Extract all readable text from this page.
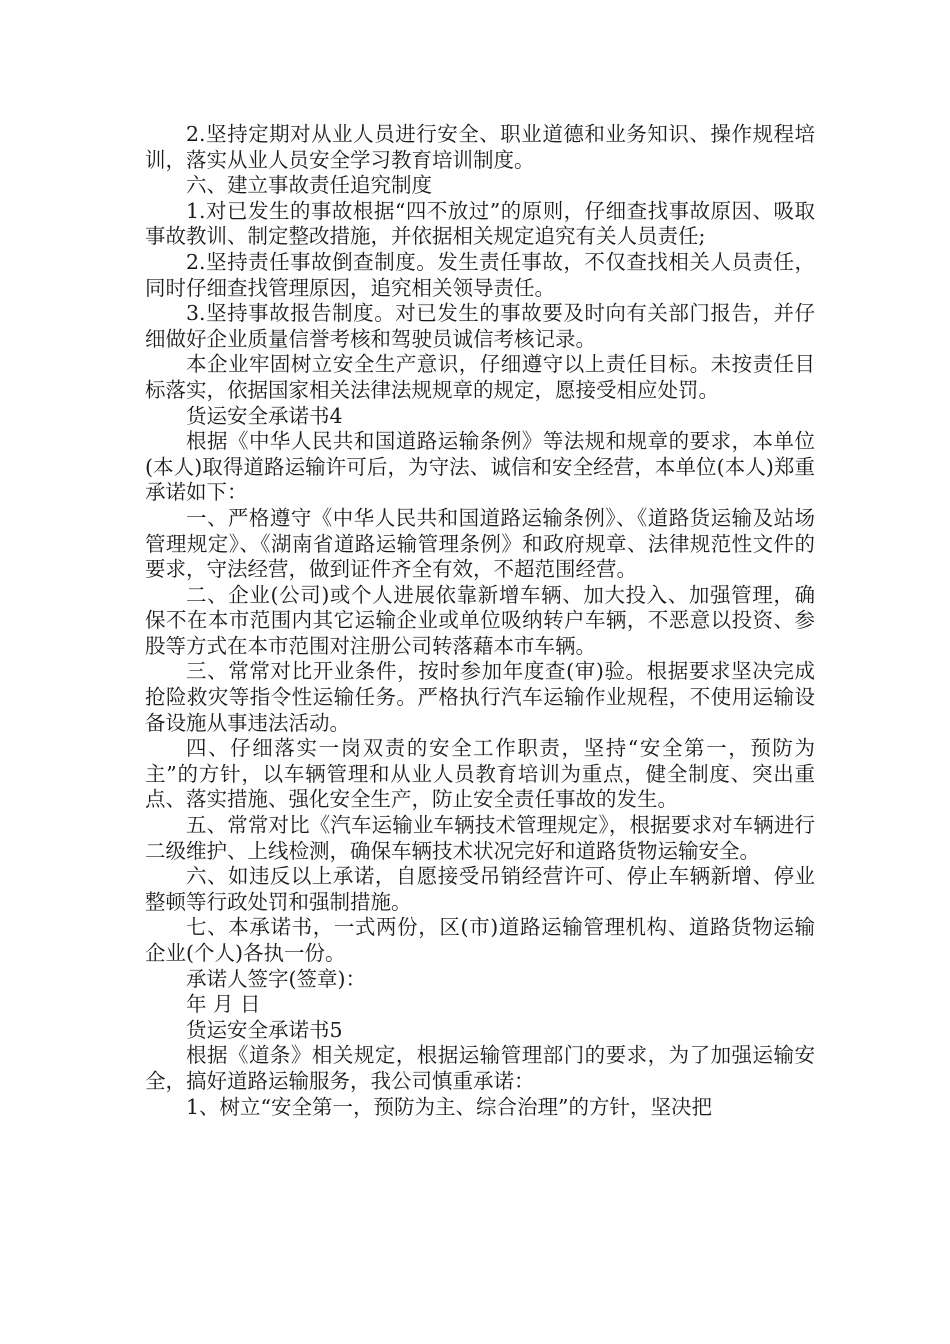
2.坚持定期对从业人员进行安全、职业道德和业务知识、操作规程培训，落实从业人员安全学习教育培训制度。

六、建立事故责任追究制度

1.对已发生的事故根据“四不放过”的原则，仔细查找事故原因、吸取事故教训、制定整改措施，并依据相关规定追究有关人员责任;

2.坚持责任事故倒查制度。发生责任事故，不仅查找相关人员责任，同时仔细查找管理原因，追究相关领导责任。

3.坚持事故报告制度。对已发生的事故要及时向有关部门报告，并仔细做好企业质量信誉考核和驾驶员诚信考核记录。

本企业牢固树立安全生产意识，仔细遵守以上责任目标。未按责任目标落实，依据国家相关法律法规规章的规定，愿接受相应处罚。

货运安全承诺书4

根据《中华人民共和国道路运输条例》等法规和规章的要求，本单位(本人)取得道路运输许可后，为守法、诚信和安全经营，本单位(本人)郑重承诺如下：

一、严格遵守《中华人民共和国道路运输条例》、《道路货运输及站场管理规定》、《湖南省道路运输管理条例》和政府规章、法律规范性文件的要求，守法经营，做到证件齐全有效，不超范围经营。

二、企业(公司)或个人进展依靠新增车辆、加大投入、加强管理，确保不在本市范围内其它运输企业或单位吸纳转户车辆，不恶意以投资、参股等方式在本市范围对注册公司转落藉本市车辆。

三、常常对比开业条件，按时参加年度查(审)验。根据要求坚决完成抢险救灾等指令性运输任务。严格执行汽车运输作业规程，不使用运输设备设施从事违法活动。

四、仔细落实一岗双责的安全工作职责，坚持“安全第一，预防为主”的方针，以车辆管理和从业人员教育培训为重点，健全制度、突出重点、落实措施、强化安全生产，防止安全责任事故的发生。

五、常常对比《汽车运输业车辆技术管理规定》，根据要求对车辆进行二级维护、上线检测，确保车辆技术状况完好和道路货物运输安全。

六、如违反以上承诺，自愿接受吊销经营许可、停止车辆新增、停业整顿等行政处罚和强制措施。

七、本承诺书，一式两份，区(市)道路运输管理机构、道路货物运输企业(个人)各执一份。

承诺人签字(签章)：

年 月 日

货运安全承诺书5

根据《道条》相关规定，根据运输管理部门的要求，为了加强运输安全，搞好道路运输服务，我公司慎重承诺：

1、树立“安全第一，预防为主、综合治理”的方针，坚决把
